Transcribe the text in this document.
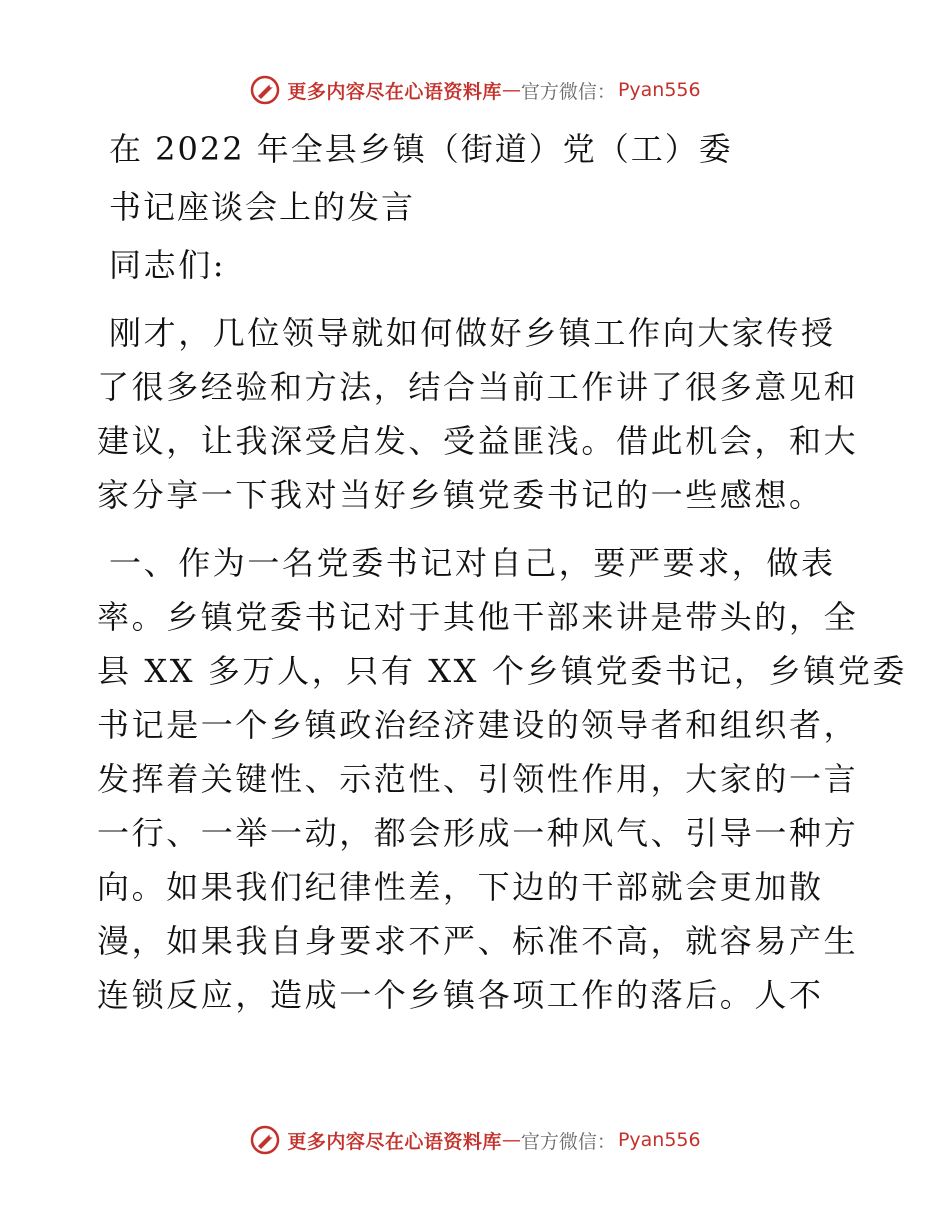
更多内容尽在心语资料库 — 官方微信： Pyan556
在 2022 年全县乡镇（街道）党（工）委
书记座谈会上的发言
同志们:
刚才，几位领导就如何做好乡镇工作向大家传授
了很多经验和方法，结合当前工作讲了很多意见和
建议，让我深受启发、受益匪浅。借此机会，和大
家分享一下我对当好乡镇党委书记的一些感想。
一、作为一名党委书记对自己，要严要求，做表
率。乡镇党委书记对于其他干部来讲是带头的，全
县 XX 多万人，只有 XX 个乡镇党委书记，乡镇党委
书记是一个乡镇政治经济建设的领导者和组织者，
发挥着关键性、示范性、引领性作用，大家的一言
一行、一举一动，都会形成一种风气、引导一种方
向。如果我们纪律性差，下边的干部就会更加散
漫，如果我自身要求不严、标准不高，就容易产生
连锁反应，造成一个乡镇各项工作的落后。人不
更多内容尽在心语资料库 — 官方微信： Pyan556
